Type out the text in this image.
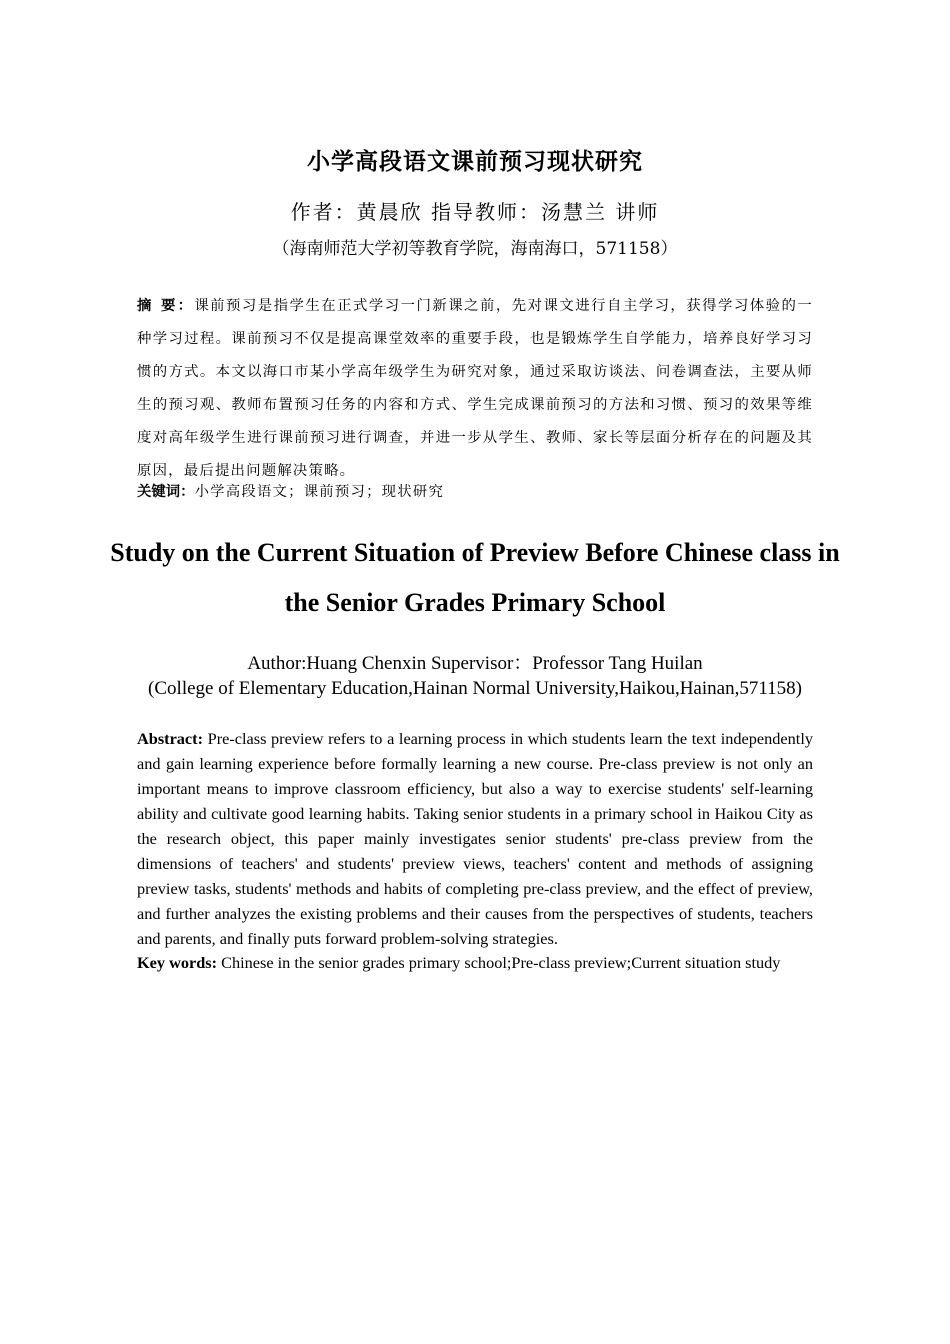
小学高段语文课前预习现状研究
作者：黄晨欣 指导教师：汤慧兰 讲师
（海南师范大学初等教育学院，海南海口，571158）

摘 要：课前预习是指学生在正式学习一门新课之前，先对课文进行自主学习，获得学习体验的一种学习过程。课前预习不仅是提高课堂效率的重要手段，也是锻炼学生自学能力，培养良好学习习惯的方式。本文以海口市某小学高年级学生为研究对象，通过采取访谈法、问卷调查法，主要从师生的预习观、教师布置预习任务的内容和方式、学生完成课前预习的方法和习惯、预习的效果等维度对高年级学生进行课前预习进行调查，并进一步从学生、教师、家长等层面分析存在的问题及其原因，最后提出问题解决策略。

关键词：小学高段语文；课前预习；现状研究

Study on the Current Situation of Preview Before Chinese class in the Senior Grades Primary School
Author:Huang Chenxin Supervisor：Professor Tang Huilan
(College of Elementary Education,Hainan Normal University,Haikou,Hainan,571158)

Abstract: Pre-class preview refers to a learning process in which students learn the text independently and gain learning experience before formally learning a new course. Pre-class preview is not only an important means to improve classroom efficiency, but also a way to exercise students' self-learning ability and cultivate good learning habits. Taking senior students in a primary school in Haikou City as the research object, this paper mainly investigates senior students' pre-class preview from the dimensions of teachers' and students' preview views, teachers' content and methods of assigning preview tasks, students' methods and habits of completing pre-class preview, and the effect of preview, and further analyzes the existing problems and their causes from the perspectives of students, teachers and parents, and finally puts forward problem-solving strategies.

Key words: Chinese in the senior grades primary school;Pre-class preview;Current situation study
